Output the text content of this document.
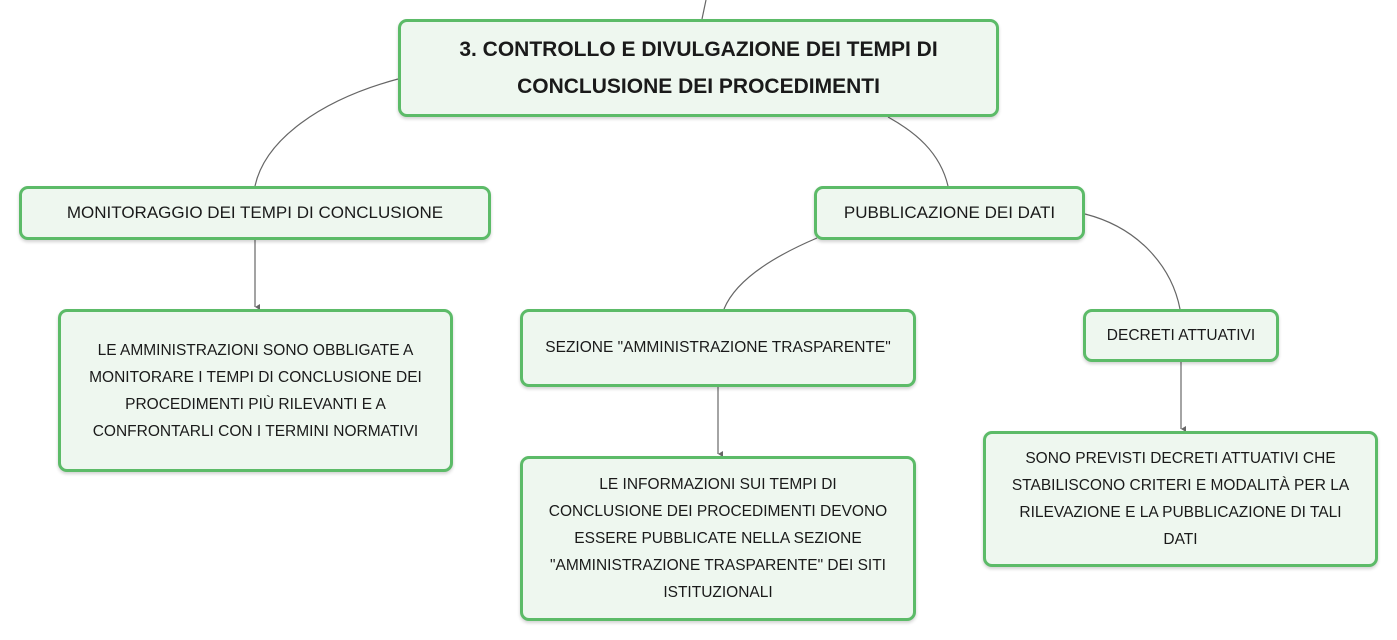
3. CONTROLLO E DIVULGAZIONE DEI TEMPI DI
CONCLUSIONE DEI PROCEDIMENTI
MONITORAGGIO DEI TEMPI DI CONCLUSIONE	PUBBLICAZIONE DEI DATI
SEZIONE "AMMINISTRAZIONE TRASPARENTE"
DECRETI ATTUATIVI
LE AMMINISTRAZIONI SONO OBBLIGATE A
MONITORARE I TEMPI DI CONCLUSIONE DEI
PROCEDIMENTI PIÙ RILEVANTI E A
CONFRONTARLI CON I TERMINI NORMATIVI
LE INFORMAZIONI SUI TEMPI DI
CONCLUSIONE DEI PROCEDIMENTI DEVONO
ESSERE PUBBLICATE NELLA SEZIONE
"AMMINISTRAZIONE TRASPARENTE" DEI SITI
ISTITUZIONALI
SONO PREVISTI DECRETI ATTUATIVI CHE
STABILISCONO CRITERI E MODALITÀ PER LA
RILEVAZIONE E LA PUBBLICAZIONE DI TALI
DATI
